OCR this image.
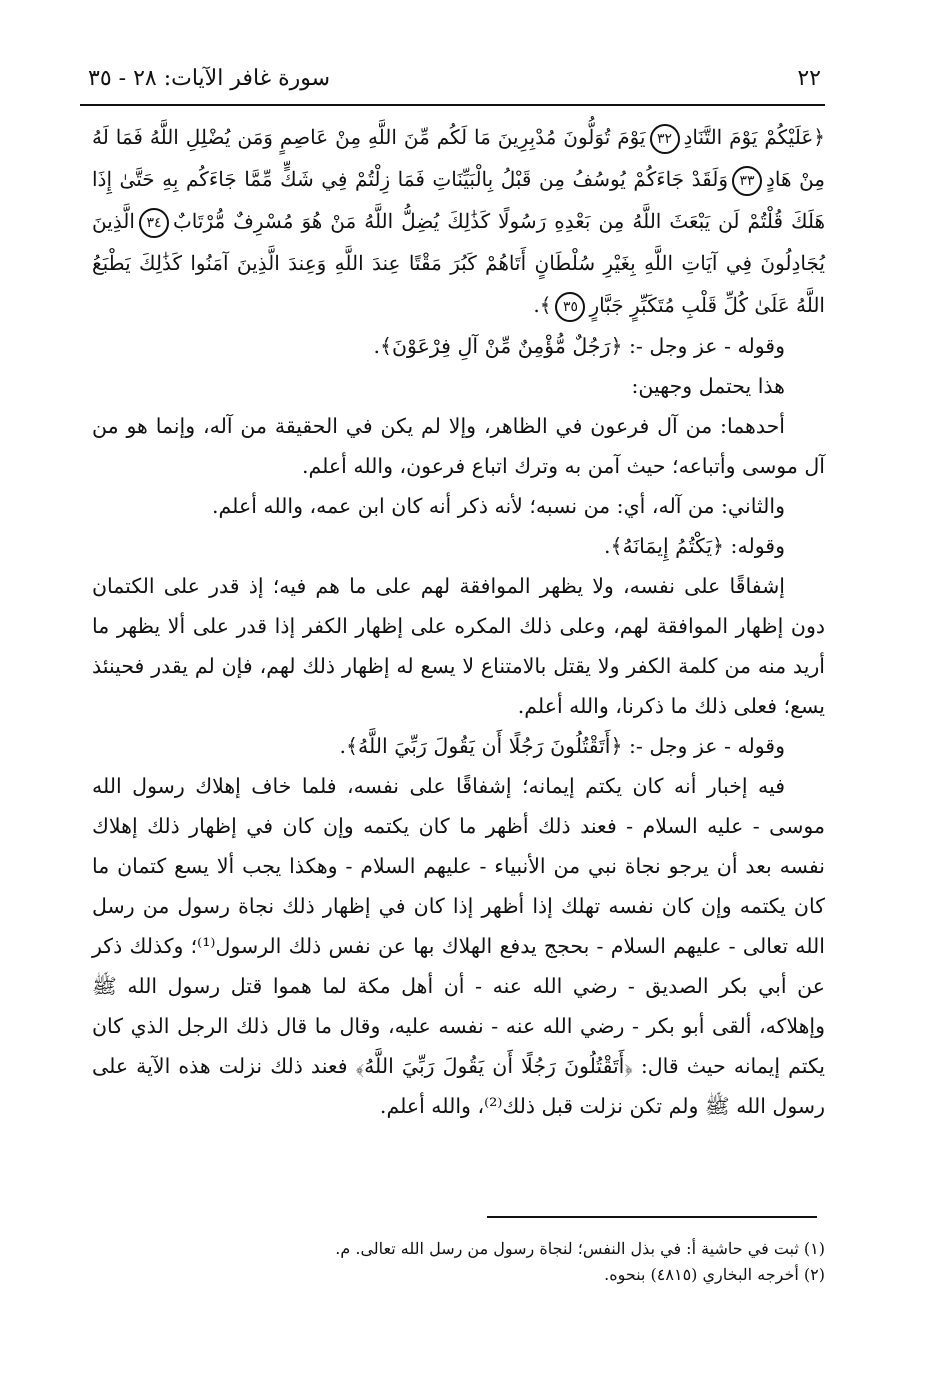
٢٢
سورة غافر الآيات: ٢٨ - ٣٥

﴿عَلَيْكُمْ يَوْمَ التَّنَادِ٣٢يَوْمَ تُوَلُّونَ مُدْبِرِينَ مَا لَكُم مِّنَ اللَّهِ مِنْ عَاصِمٍ وَمَن يُضْلِلِ اللَّهُ فَمَا لَهُ مِنْ هَادٍ٣٣وَلَقَدْ جَاءَكُمْ يُوسُفُ مِن قَبْلُ بِالْبَيِّنَاتِ فَمَا زِلْتُمْ فِي شَكٍّ مِّمَّا جَاءَكُم بِهِ حَتَّىٰ إِذَا هَلَكَ قُلْتُمْ لَن يَبْعَثَ اللَّهُ مِن بَعْدِهِ رَسُولًا كَذَٰلِكَ يُضِلُّ اللَّهُ مَنْ هُوَ مُسْرِفٌ مُّرْتَابٌ٣٤الَّذِينَ يُجَادِلُونَ فِي آيَاتِ اللَّهِ بِغَيْرِ سُلْطَانٍ أَتَاهُمْ كَبُرَ مَقْتًا عِندَ اللَّهِ وَعِندَ الَّذِينَ آمَنُوا كَذَٰلِكَ يَطْبَعُ اللَّهُ عَلَىٰ كُلِّ قَلْبِ مُتَكَبِّرٍ جَبَّارٍ٣٥﴾.

وقوله - عز وجل -: ﴿رَجُلٌ مُّؤْمِنٌ مِّنْ آلِ فِرْعَوْنَ﴾.

هذا يحتمل وجهين:

أحدهما: من آل فرعون في الظاهر، وإلا لم يكن في الحقيقة من آله، وإنما هو من آل موسى وأتباعه؛ حيث آمن به وترك اتباع فرعون، والله أعلم.

والثاني: من آله، أي: من نسبه؛ لأنه ذكر أنه كان ابن عمه، والله أعلم.

وقوله: ﴿يَكْتُمُ إِيمَانَهُ﴾.

إشفاقًا على نفسه، ولا يظهر الموافقة لهم على ما هم فيه؛ إذ قدر على الكتمان دون إظهار الموافقة لهم، وعلى ذلك المكره على إظهار الكفر إذا قدر على ألا يظهر ما أريد منه من كلمة الكفر ولا يقتل بالامتناع لا يسع له إظهار ذلك لهم، فإن لم يقدر فحينئذ يسع؛ فعلى ذلك ما ذكرنا، والله أعلم.

وقوله - عز وجل -: ﴿أَتَقْتُلُونَ رَجُلًا أَن يَقُولَ رَبِّيَ اللَّهُ﴾.

فيه إخبار أنه كان يكتم إيمانه؛ إشفاقًا على نفسه، فلما خاف إهلاك رسول الله موسى - عليه السلام - فعند ذلك أظهر ما كان يكتمه وإن كان في إظهار ذلك إهلاك نفسه بعد أن يرجو نجاة نبي من الأنبياء - عليهم السلام - وهكذا يجب ألا يسع كتمان ما كان يكتمه وإن كان نفسه تهلك إذا أظهر إذا كان في إظهار ذلك نجاة رسول من رسل الله تعالى - عليهم السلام - بحجج يدفع الهلاك بها عن نفس ذلك الرسول⁽¹⁾؛ وكذلك ذكر عن أبي بكر الصديق - رضي الله عنه - أن أهل مكة لما هموا قتل رسول الله ﷺ وإهلاكه، ألقى أبو بكر - رضي الله عنه - نفسه عليه، وقال ما قال ذلك الرجل الذي كان يكتم إيمانه حيث قال: ﴿أَتَقْتُلُونَ رَجُلًا أَن يَقُولَ رَبِّيَ اللَّهُ﴾ فعند ذلك نزلت هذه الآية على رسول الله ﷺ ولم تكن نزلت قبل ذلك⁽²⁾، والله أعلم.

(١) ثبت في حاشية أ: في بذل النفس؛ لنجاة رسول من رسل الله تعالى. م.
(٢) أخرجه البخاري (٤٨١٥) بنحوه.
